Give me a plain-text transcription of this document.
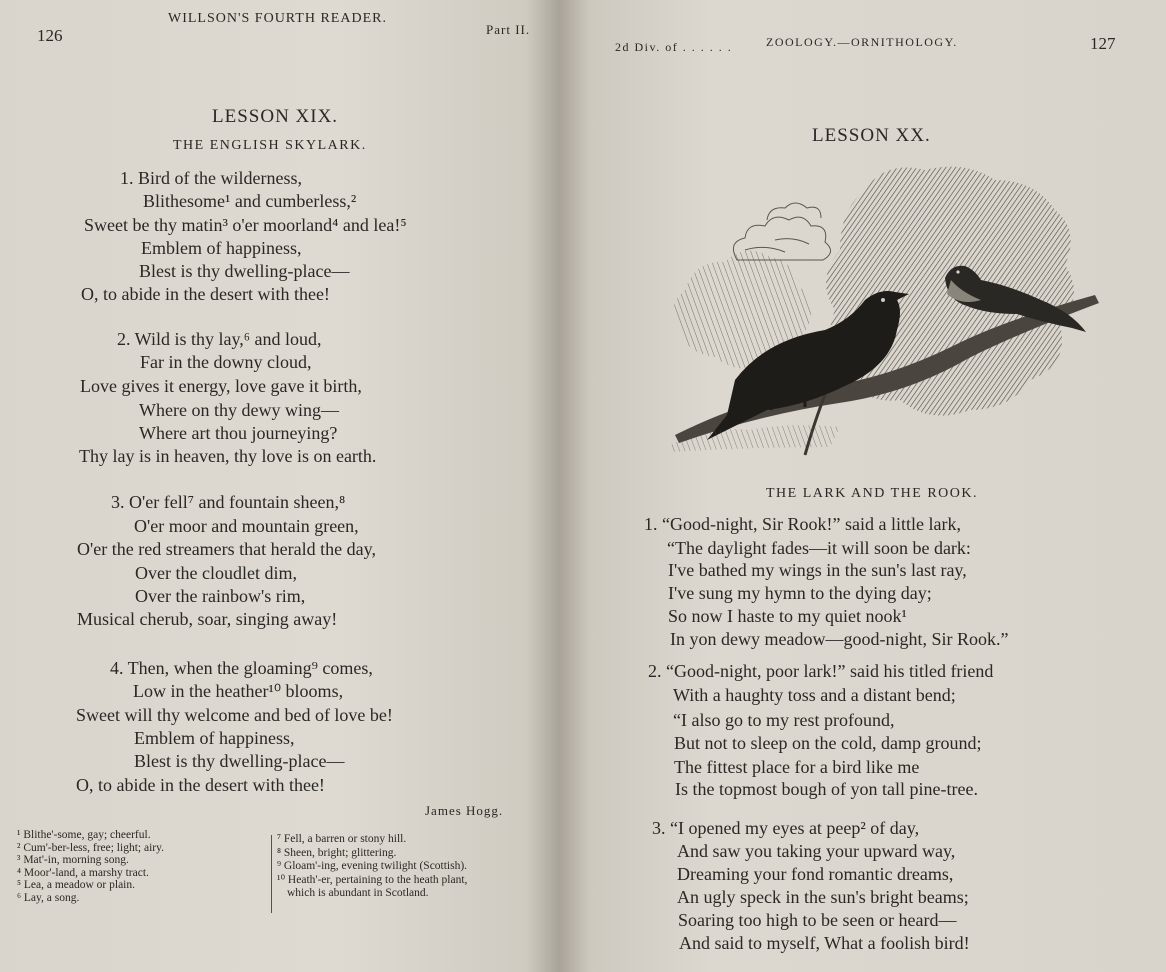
126
WILLSON'S FOURTH READER.
Part II.
LESSON XIX.
THE ENGLISH SKYLARK.
1. Bird of the wilderness,
Blithesome¹ and cumberless,²
Sweet be thy matin³ o'er moorland⁴ and lea!⁵
Emblem of happiness,
Blest is thy dwelling-place—
O, to abide in the desert with thee!
2. Wild is thy lay,⁶ and loud,
Far in the downy cloud,
Love gives it energy, love gave it birth,
Where on thy dewy wing—
Where art thou journeying?
Thy lay is in heaven, thy love is on earth.
3. O'er fell⁷ and fountain sheen,⁸
O'er moor and mountain green,
O'er the red streamers that herald the day,
Over the cloudlet dim,
Over the rainbow's rim,
Musical cherub, soar, singing away!
4. Then, when the gloaming⁹ comes,
Low in the heather¹⁰ blooms,
Sweet will thy welcome and bed of love be!
Emblem of happiness,
Blest is thy dwelling-place—
O, to abide in the desert with thee!
James Hogg.
¹ Blithe'-some, gay; cheerful.
² Cum'-ber-less, free; light; airy.
³ Mat'-in, morning song.
⁴ Moor'-land, a marshy tract.
⁵ Lea, a meadow or plain.
⁶ Lay, a song.
⁷ Fell, a barren or stony hill.
⁸ Sheen, bright; glittering.
⁹ Gloam'-ing, evening twilight (Scottish).
¹⁰ Heath'-er, pertaining to the heath plant,
which is abundant in Scotland.
2d Div. of . . . . . .	ZOOLOGY.—ORNITHOLOGY.	127
LESSON XX.
THE LARK AND THE ROOK.
1. “Good-night, Sir Rook!” said a little lark,
“The daylight fades—it will soon be dark:
I've bathed my wings in the sun's last ray,
I've sung my hymn to the dying day;
So now I haste to my quiet nook¹
In yon dewy meadow—good-night, Sir Rook.”
2. “Good-night, poor lark!” said his titled friend
With a haughty toss and a distant bend;
“I also go to my rest profound,
But not to sleep on the cold, damp ground;
The fittest place for a bird like me
Is the topmost bough of yon tall pine-tree.
3. “I opened my eyes at peep² of day,
And saw you taking your upward way,
Dreaming your fond romantic dreams,
An ugly speck in the sun's bright beams;
Soaring too high to be seen or heard—
And said to myself, What a foolish bird!
